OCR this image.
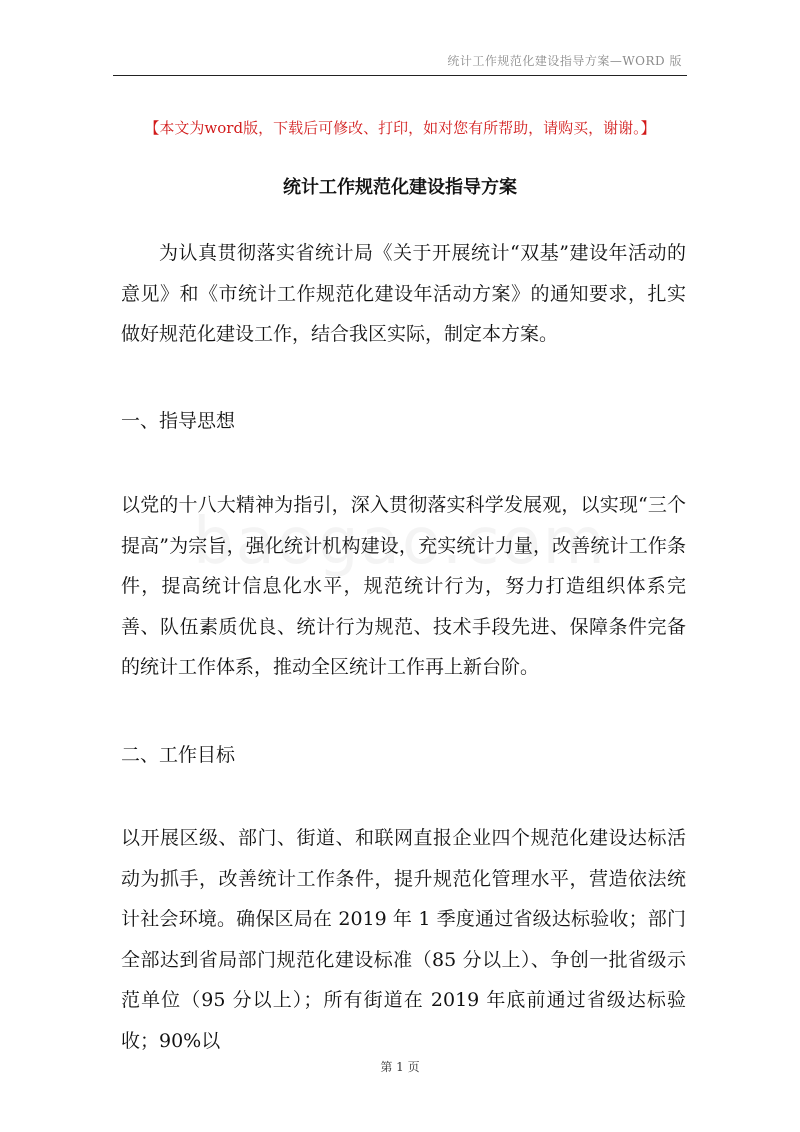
统计工作规范化建设指导方案—WORD 版
【本文为word版，下载后可修改、打印，如对您有所帮助，请购买，谢谢。】
统计工作规范化建设指导方案

为认真贯彻落实省统计局《关于开展统计“双基”建设年活动的意见》和《市统计工作规范化建设年活动方案》的通知要求，扎实做好规范化建设工作，结合我区实际，制定本方案。

一、指导思想

以党的十八大精神为指引，深入贯彻落实科学发展观，以实现“三个提高”为宗旨，强化统计机构建设，充实统计力量，改善统计工作条件，提高统计信息化水平，规范统计行为，努力打造组织体系完善、队伍素质优良、统计行为规范、技术手段先进、保障条件完备的统计工作体系，推动全区统计工作再上新台阶。

二、工作目标

以开展区级、部门、街道、和联网直报企业四个规范化建设达标活动为抓手，改善统计工作条件，提升规范化管理水平，营造依法统计社会环境。确保区局在 2019 年 1 季度通过省级达标验收；部门全部达到省局部门规范化建设标准（85 分以上）、争创一批省级示范单位（95 分以上）；所有街道在 2019 年底前通过省级达标验收；90%以

第 1 页
